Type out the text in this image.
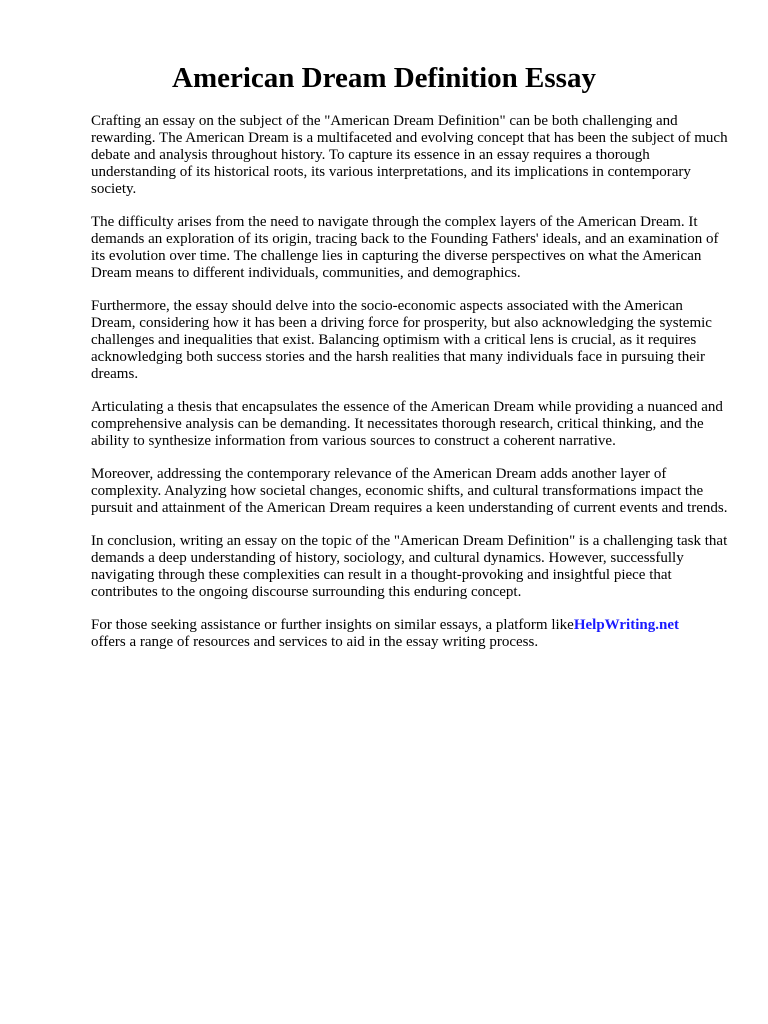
American Dream Definition Essay

Crafting an essay on the subject of the "American Dream Definition" can be both challenging and rewarding. The American Dream is a multifaceted and evolving concept that has been the subject of much debate and analysis throughout history. To capture its essence in an essay requires a thorough understanding of its historical roots, its various interpretations, and its implications in contemporary society.

The difficulty arises from the need to navigate through the complex layers of the American Dream. It demands an exploration of its origin, tracing back to the Founding Fathers' ideals, and an examination of its evolution over time. The challenge lies in capturing the diverse perspectives on what the American Dream means to different individuals, communities, and demographics.

Furthermore, the essay should delve into the socio-economic aspects associated with the American Dream, considering how it has been a driving force for prosperity, but also acknowledging the systemic challenges and inequalities that exist. Balancing optimism with a critical lens is crucial, as it requires acknowledging both success stories and the harsh realities that many individuals face in pursuing their dreams.

Articulating a thesis that encapsulates the essence of the American Dream while providing a nuanced and comprehensive analysis can be demanding. It necessitates thorough research, critical thinking, and the ability to synthesize information from various sources to construct a coherent narrative.

Moreover, addressing the contemporary relevance of the American Dream adds another layer of complexity. Analyzing how societal changes, economic shifts, and cultural transformations impact the pursuit and attainment of the American Dream requires a keen understanding of current events and trends.

In conclusion, writing an essay on the topic of the "American Dream Definition" is a challenging task that demands a deep understanding of history, sociology, and cultural dynamics. However, successfully navigating through these complexities can result in a thought-provoking and insightful piece that contributes to the ongoing discourse surrounding this enduring concept.

For those seeking assistance or further insights on similar essays, a platform likeHelpWriting.net
offers a range of resources and services to aid in the essay writing process.
